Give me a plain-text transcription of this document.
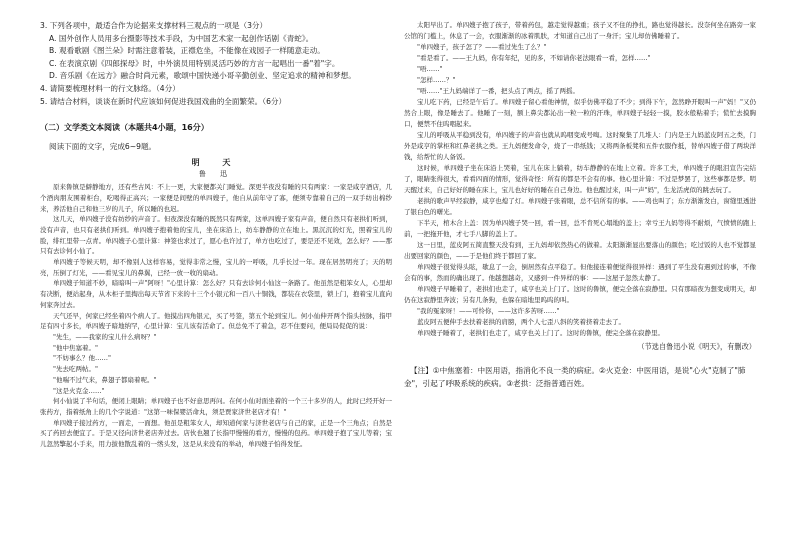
3. 下列各项中，最适合作为论据来支撑材料三观点的一项是（3分）

A. 国外创作人员用多台摄影等技术手段，为中国艺术家一起创作话剧《青蛇》。

B. 观看歌剧《图兰朵》时需注意着装，正襟危坐，不能像在戏园子一样随意走动。

C. 在表演京剧《四郎探母》时，中外演员用特别灵活巧妙的方言一起唱出一番"着"字。

D. 音乐剧《在远方》融合时尚元素，歌颂中国快递小哥辛勤创业、坚定追求的精神和梦想。

4. 请简要梳理材料一的行文脉络。（4分）

5. 请结合材料，谈谈在新时代应该如何促进我国戏曲的全面繁荣。（6分）

（二）文学类文本阅读（本题共4小题，16分）

阅读下面的文字，完成6~9题。

明 天

鲁 迅

原来鲁镇是僻静地方，还有些古风：不上一更，大家便都关门睡觉。深更半夜没有睡的只有两家：一家是咸亨酒店，几个酒肉朋友围着柜台，吃喝得正高兴；一家便是间壁的单四嫂子，他自从前年守了寡，便须专靠着自己的一双手纺出棉纱来，养活他自己和他三岁的儿子，所以睡的也迟。

这几天，单四嫂子没有纺纱的声音了。但夜深没有睡的既然只有两家，这单四嫂子家有声音，便自然只有老拱们听到，没有声音，也只有老拱们听到。单四嫂子抱着他的宝儿，坐在床沿上，纺车静静的立在地上。黑沉沉的灯光，照着宝儿的脸，绯红里带一点青。单四嫂子心里计算：神签也求过了，愿心也许过了，单方也吃过了，要是还不见效，怎么好？——那只有去诊何小仙了。

单四嫂子等候天明，却不像别人这样容易，觉得非常之慢，宝儿的一呼吸，几乎长过一年。现在居然明亮了；天的明亮，压倒了灯光，——看见宝儿的鼻翼，已经一放一收的扇动。

单四嫂子知道不妙，暗暗叫一声"阿呀！"心里计算：怎么好？只有去诊何小仙这一条路了。他虽然是粗笨女人，心里却有决断，便站起身，从木柜子里掏出每天节省下来的十三个小银元和一百八十铜钱，都装在衣袋里，锁上门，抱着宝儿直向何家奔过去。

天气还早，何家已经坐着四个病人了。他摸出四角银元，买了号签，第五个轮到宝儿。何小仙伸开两个指头按脉，指甲足有四寸多长，单四嫂子暗地纳罕，心里计算：宝儿该有活命了。但总免不了着急，忍不住要问，便局局促促的说：

"先生，——我家的宝儿什么病呀？"

"他中焦塞着。"

"不妨事么？他……"

"先去吃两帖。"

"他喘不过气来，鼻翅子都扇着呢。"

"这是火克金……"

何小仙说了半句话，便闭上眼睛；单四嫂子也不好意思再问。在何小仙对面坐着的一个三十多岁的人，此时已经开好一张药方，指着纸角上的几个字说道："这第一味保婴活命丸，须是贾家济世老店才有！"

单四嫂子接过药方，一面走，一面想。他虽是粗笨女人，却知道何家与济世老店与自己的家，正是一个三角点；自然是买了药回去便宜了。于是又径向济世老店奔过去。店伙也翘了长指甲慢慢的看方，慢慢的包药。单四嫂子抱了宝儿等着；宝儿忽然擎起小手来，用力拔他散乱着的一绺头发，这是从来没有的举动，单四嫂子怕得发怔。

太阳早出了。单四嫂子抱了孩子，带着药包，越走觉得越重；孩子又不住的挣扎，路也觉得越长。没奈何坐在路旁一家公馆的门槛上，休息了一会，衣服渐渐的冰着肌肤，才知道自己出了一身汗；宝儿却仿佛睡着了。

"单四嫂子，孩子怎了？——看过先生了么？"

"看是看了。——王九妈，你有年纪，见的多，不如请你老法眼看一看，怎样……"

"唔……"

"怎样……？"

"唔……"王九妈端详了一番，把头点了两点，摇了两摇。

宝儿吃下药，已经是午后了。单四嫂子留心看他神情，似乎仿佛平稳了不少；到得下午，忽然睁开眼叫一声"妈！"又仍然合上眼，像是睡去了。他睡了一刻，额上鼻尖都沁出一粒一粒的汗珠，单四嫂子轻轻一摸，胶水般粘着手；慌忙去摸胸口，便禁不住呜咽起来。

宝儿的呼吸从平稳到没有，单四嫂子的声音也就从呜咽变成号啕。这时聚集了几堆人：门内是王九妈蓝皮阿五之类，门外是咸亨的掌柜和红鼻老拱之类。王九妈便发命令，烧了一串纸钱；又将两条板凳和五件衣服作抵，替单四嫂子借了两块洋钱，给帮忙的人备饭。

这时候，单四嫂子坐在床沿上哭着，宝儿在床上躺着，纺车静静的在地上立着。许多工夫，单四嫂子的眼泪宣告完结了，眼睛张得很大，看看四面的情形，觉得奇怪：所有的都是不会有的事。他心里计算：不过是梦罢了，这些事都是梦。明天醒过来，自己好好的睡在床上，宝儿也好好的睡在自己身边。他也醒过来，叫一声"妈"，生龙活虎似的跳去玩了。

老拱的歌声早经寂静，咸亨也熄了灯。单四嫂子张着眼，总不信所有的事。——鸡也叫了；东方渐渐发白，窗缝里透进了银白色的曙光。

下半天，棺木合上盖：因为单四嫂子哭一回，看一回，总不肯死心塌地的盖上；幸亏王九妈等得不耐烦，气愤愤的跑上前，一把拖开他，才七手八脚的盖上了。

这一日里，蓝皮阿五简直整天没有到，王九妈却依然热心的做着。太阳渐渐显出要落山的颜色；吃过饭的人也不觉都显出要回家的颜色，——于是他们终于都回了家。

单四嫂子很觉得头眩，歇息了一会，倒居然有点平稳了。但他接连着便觉得很异样：遇到了平生没有遇到过的事，不像会有的事，然而的确出现了。他越想越奇，又感到一件异样的事：——这屋子忽然太静了。

单四嫂子早睡着了，老拱们也走了，咸亨也关上门了。这时的鲁镇，便完全落在寂静里。只有那暗夜为想变成明天，却仍在这寂静里奔波；另有几条狗，也躲在暗地里呜呜的叫。

"我的冤家呀！——可怜你，——这许多苦呀……"

蓝皮阿五便伸手去扶着老拱的肩膀，两个人七歪八斜的笑着挤着走去了。

单四嫂子睡着了，老拱们也走了，咸亨也关上门了。这时的鲁镇，便完全落在寂静里。

（节选自鲁迅小说《明天》，有删改）

【注】①中焦塞着：中医用语，指消化不良一类的病症。②火克金：中医用语，是说"心火"克制了"肺金"，引起了呼吸系统的疾病。③老拱：泛指普通百姓。
